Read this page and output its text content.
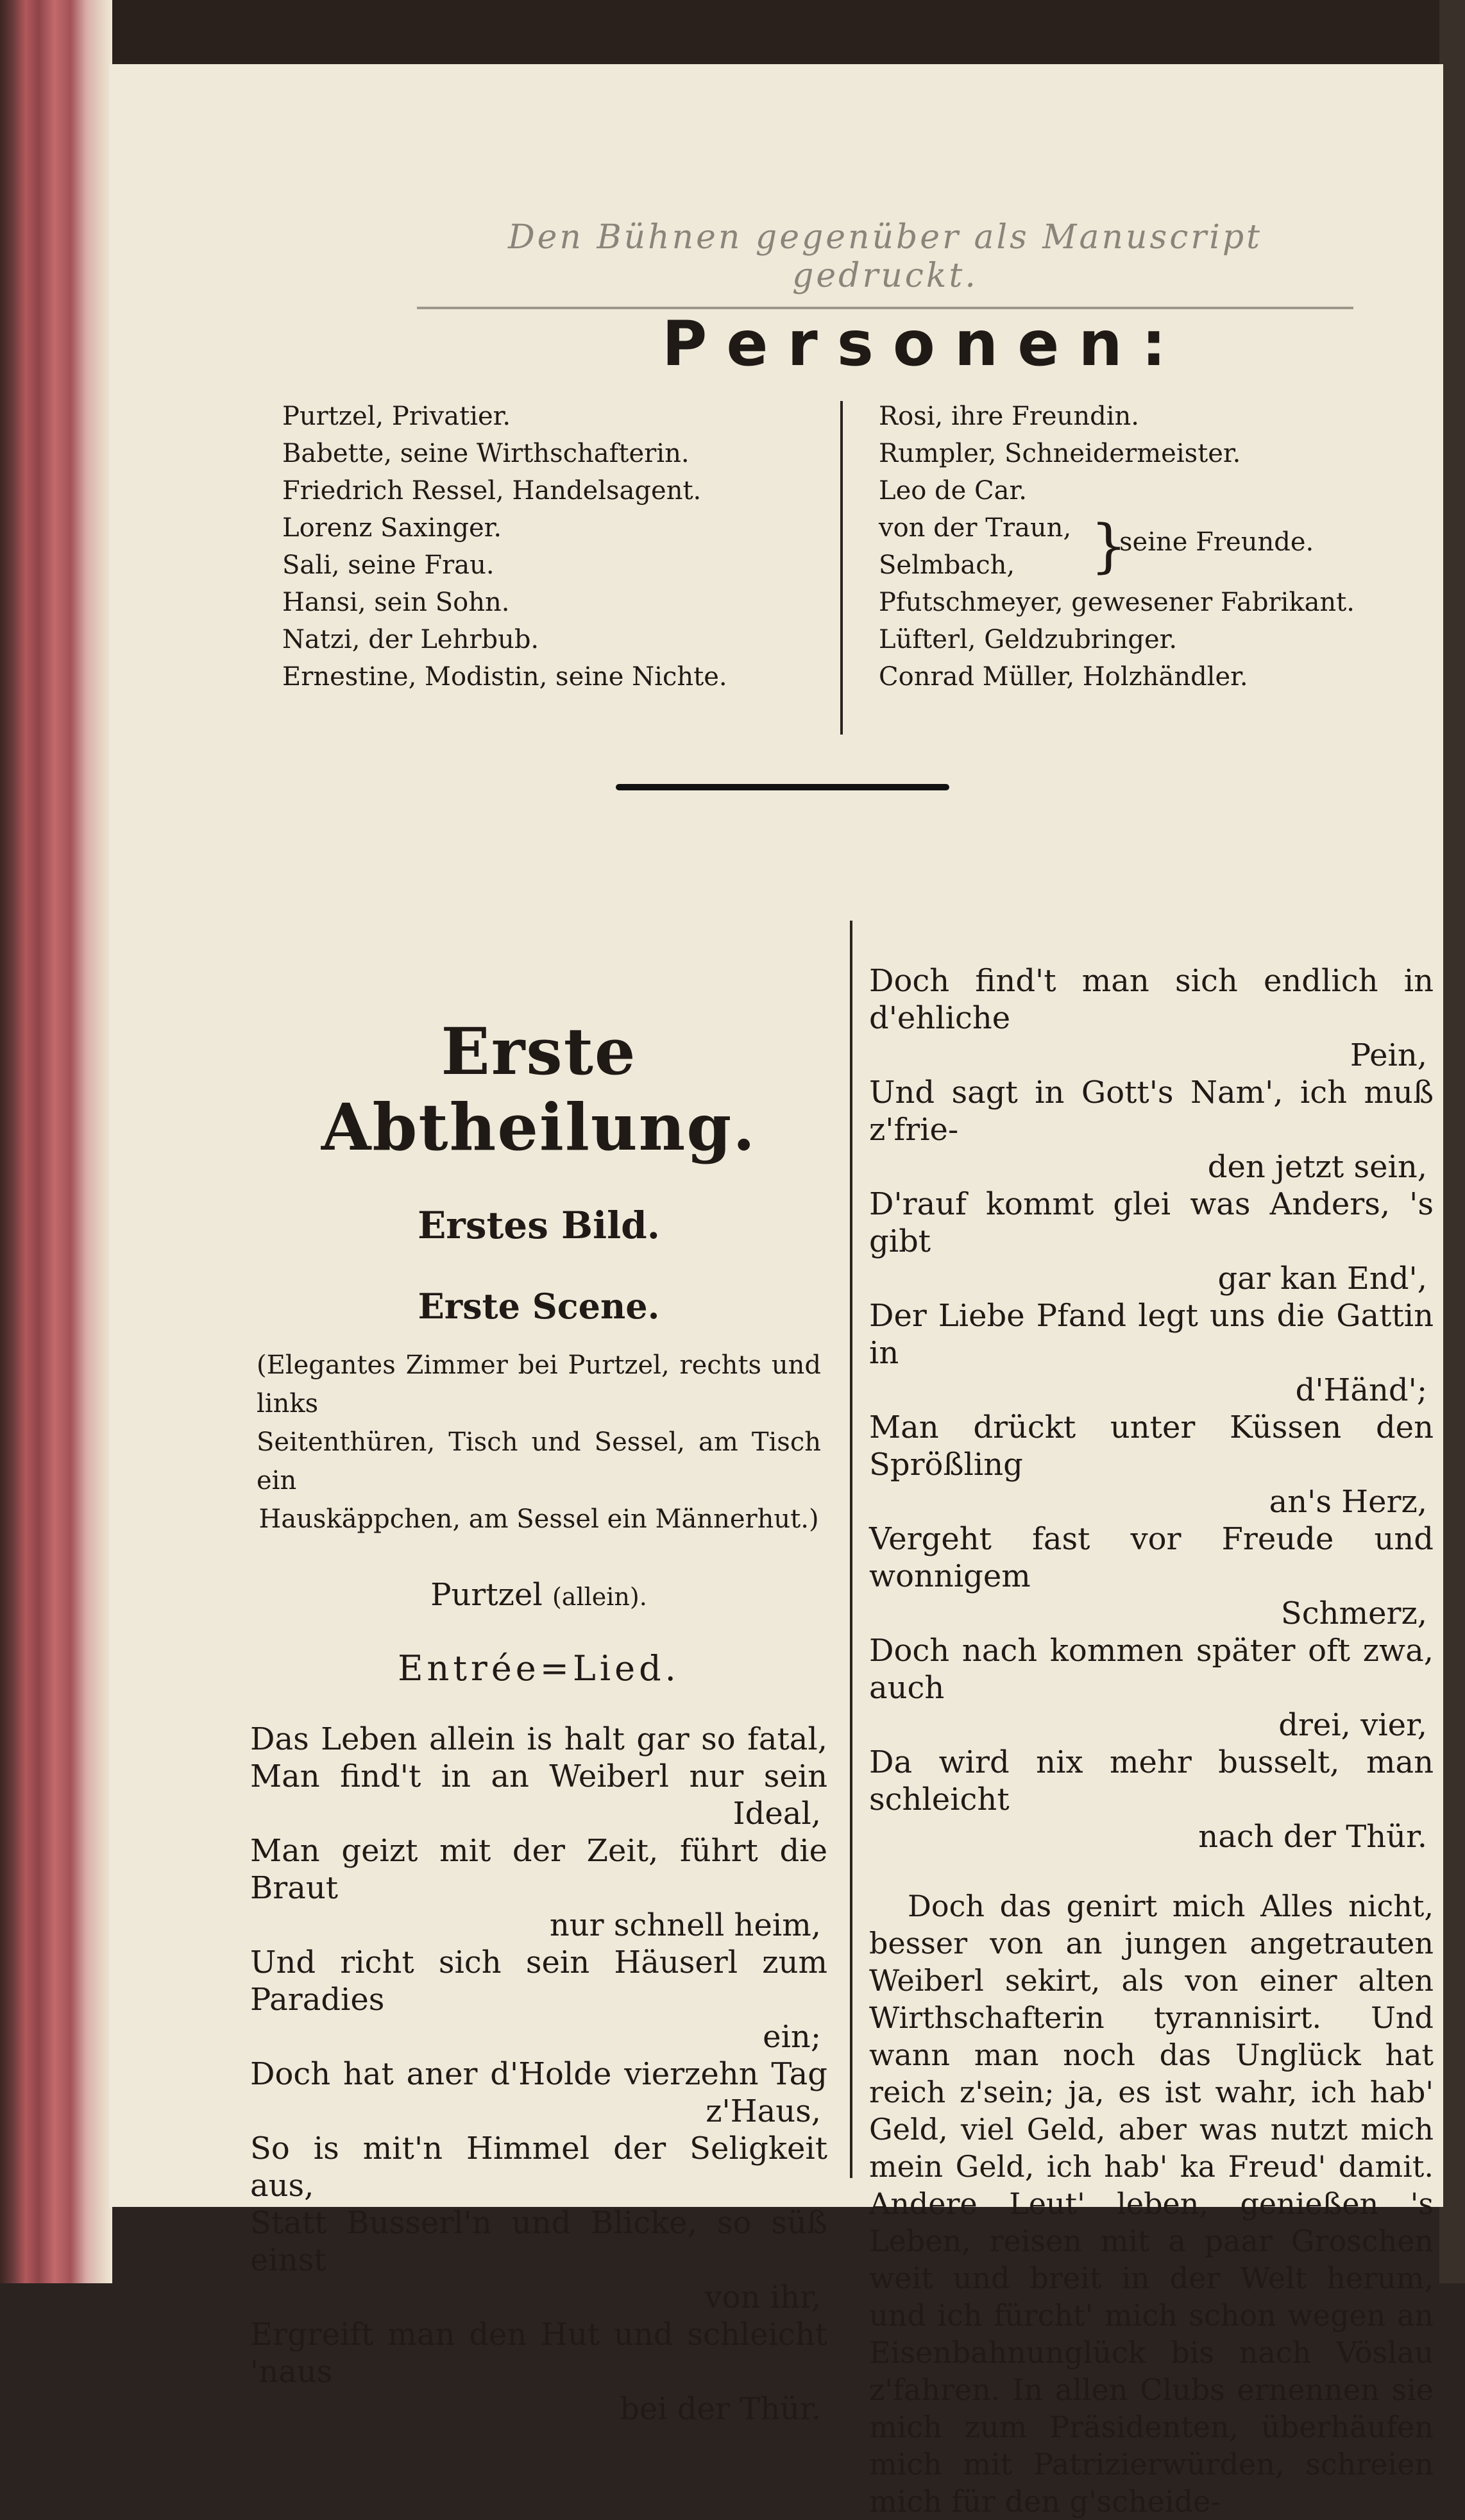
Den Bühnen gegenüber als Manuscript gedruckt.
Personen:
Purtzel, Privatier.
Babette, seine Wirthschafterin.
Friedrich Ressel, Handelsagent.
Lorenz Saxinger.
Sali, seine Frau.
Hansi, sein Sohn.
Natzi, der Lehrbub.
Ernestine, Modistin, seine Nichte.
Rosi, ihre Freundin.
Rumpler, Schneidermeister.
Leo de Car.
von der Traun,
Selmbach,	}
seine Freunde.
Pfutschmeyer, gewesener Fabrikant.
Lüfterl, Geldzubringer.
Conrad Müller, Holzhändler.
Erste Abtheilung.
Erstes Bild.
Erste Scene.
(Elegantes Zimmer bei Purtzel, rechts und links
Seitenthüren, Tisch und Sessel, am Tisch ein
Hauskäppchen, am Sessel ein Männerhut.)
Purtzel (allein).
Entrée=Lied.
Das Leben allein is halt gar so fatal,
Man find't in an Weiberl nur sein
Ideal,
Man geizt mit der Zeit, führt die Braut
nur schnell heim,
Und richt sich sein Häuserl zum Paradies
ein;
Doch hat aner d'Holde vierzehn Tag
z'Haus,
So is mit'n Himmel der Seligkeit aus,
Statt Busserl'n und Blicke, so süß einst
von ihr,
Ergreift man den Hut und schleicht 'naus
bei der Thür.
Doch find't man sich endlich in d'ehliche
Pein,
Und sagt in Gott's Nam', ich muß z'frie-
den jetzt sein,
D'rauf kommt glei was Anders, 's gibt
gar kan End',
Der Liebe Pfand legt uns die Gattin in
d'Händ';
Man drückt unter Küssen den Sprößling
an's Herz,
Vergeht fast vor Freude und wonnigem
Schmerz,
Doch nach kommen später oft zwa, auch
drei, vier,
Da wird nix mehr busselt, man schleicht
nach der Thür.
Doch das genirt mich Alles nicht, besser von an jungen angetrauten Weiberl sekirt, als von einer alten Wirthschafterin tyrannisirt. Und wann man noch das Unglück hat reich z'sein; ja, es ist wahr, ich hab' Geld, viel Geld, aber was nutzt mich mein Geld, ich hab' ka Freud' damit. Andere Leut' leben, genießen 's Leben, reisen mit a paar Groschen weit und breit in der Welt herum, und ich fürcht' mich schon wegen an Eisenbahnunglück bis nach Vöslau z'fahren. In allen Clubs ernennen sie mich zum Präsidenten, überhäufen mich mit Patrizierwürden, schreien mich für den g'scheide-
